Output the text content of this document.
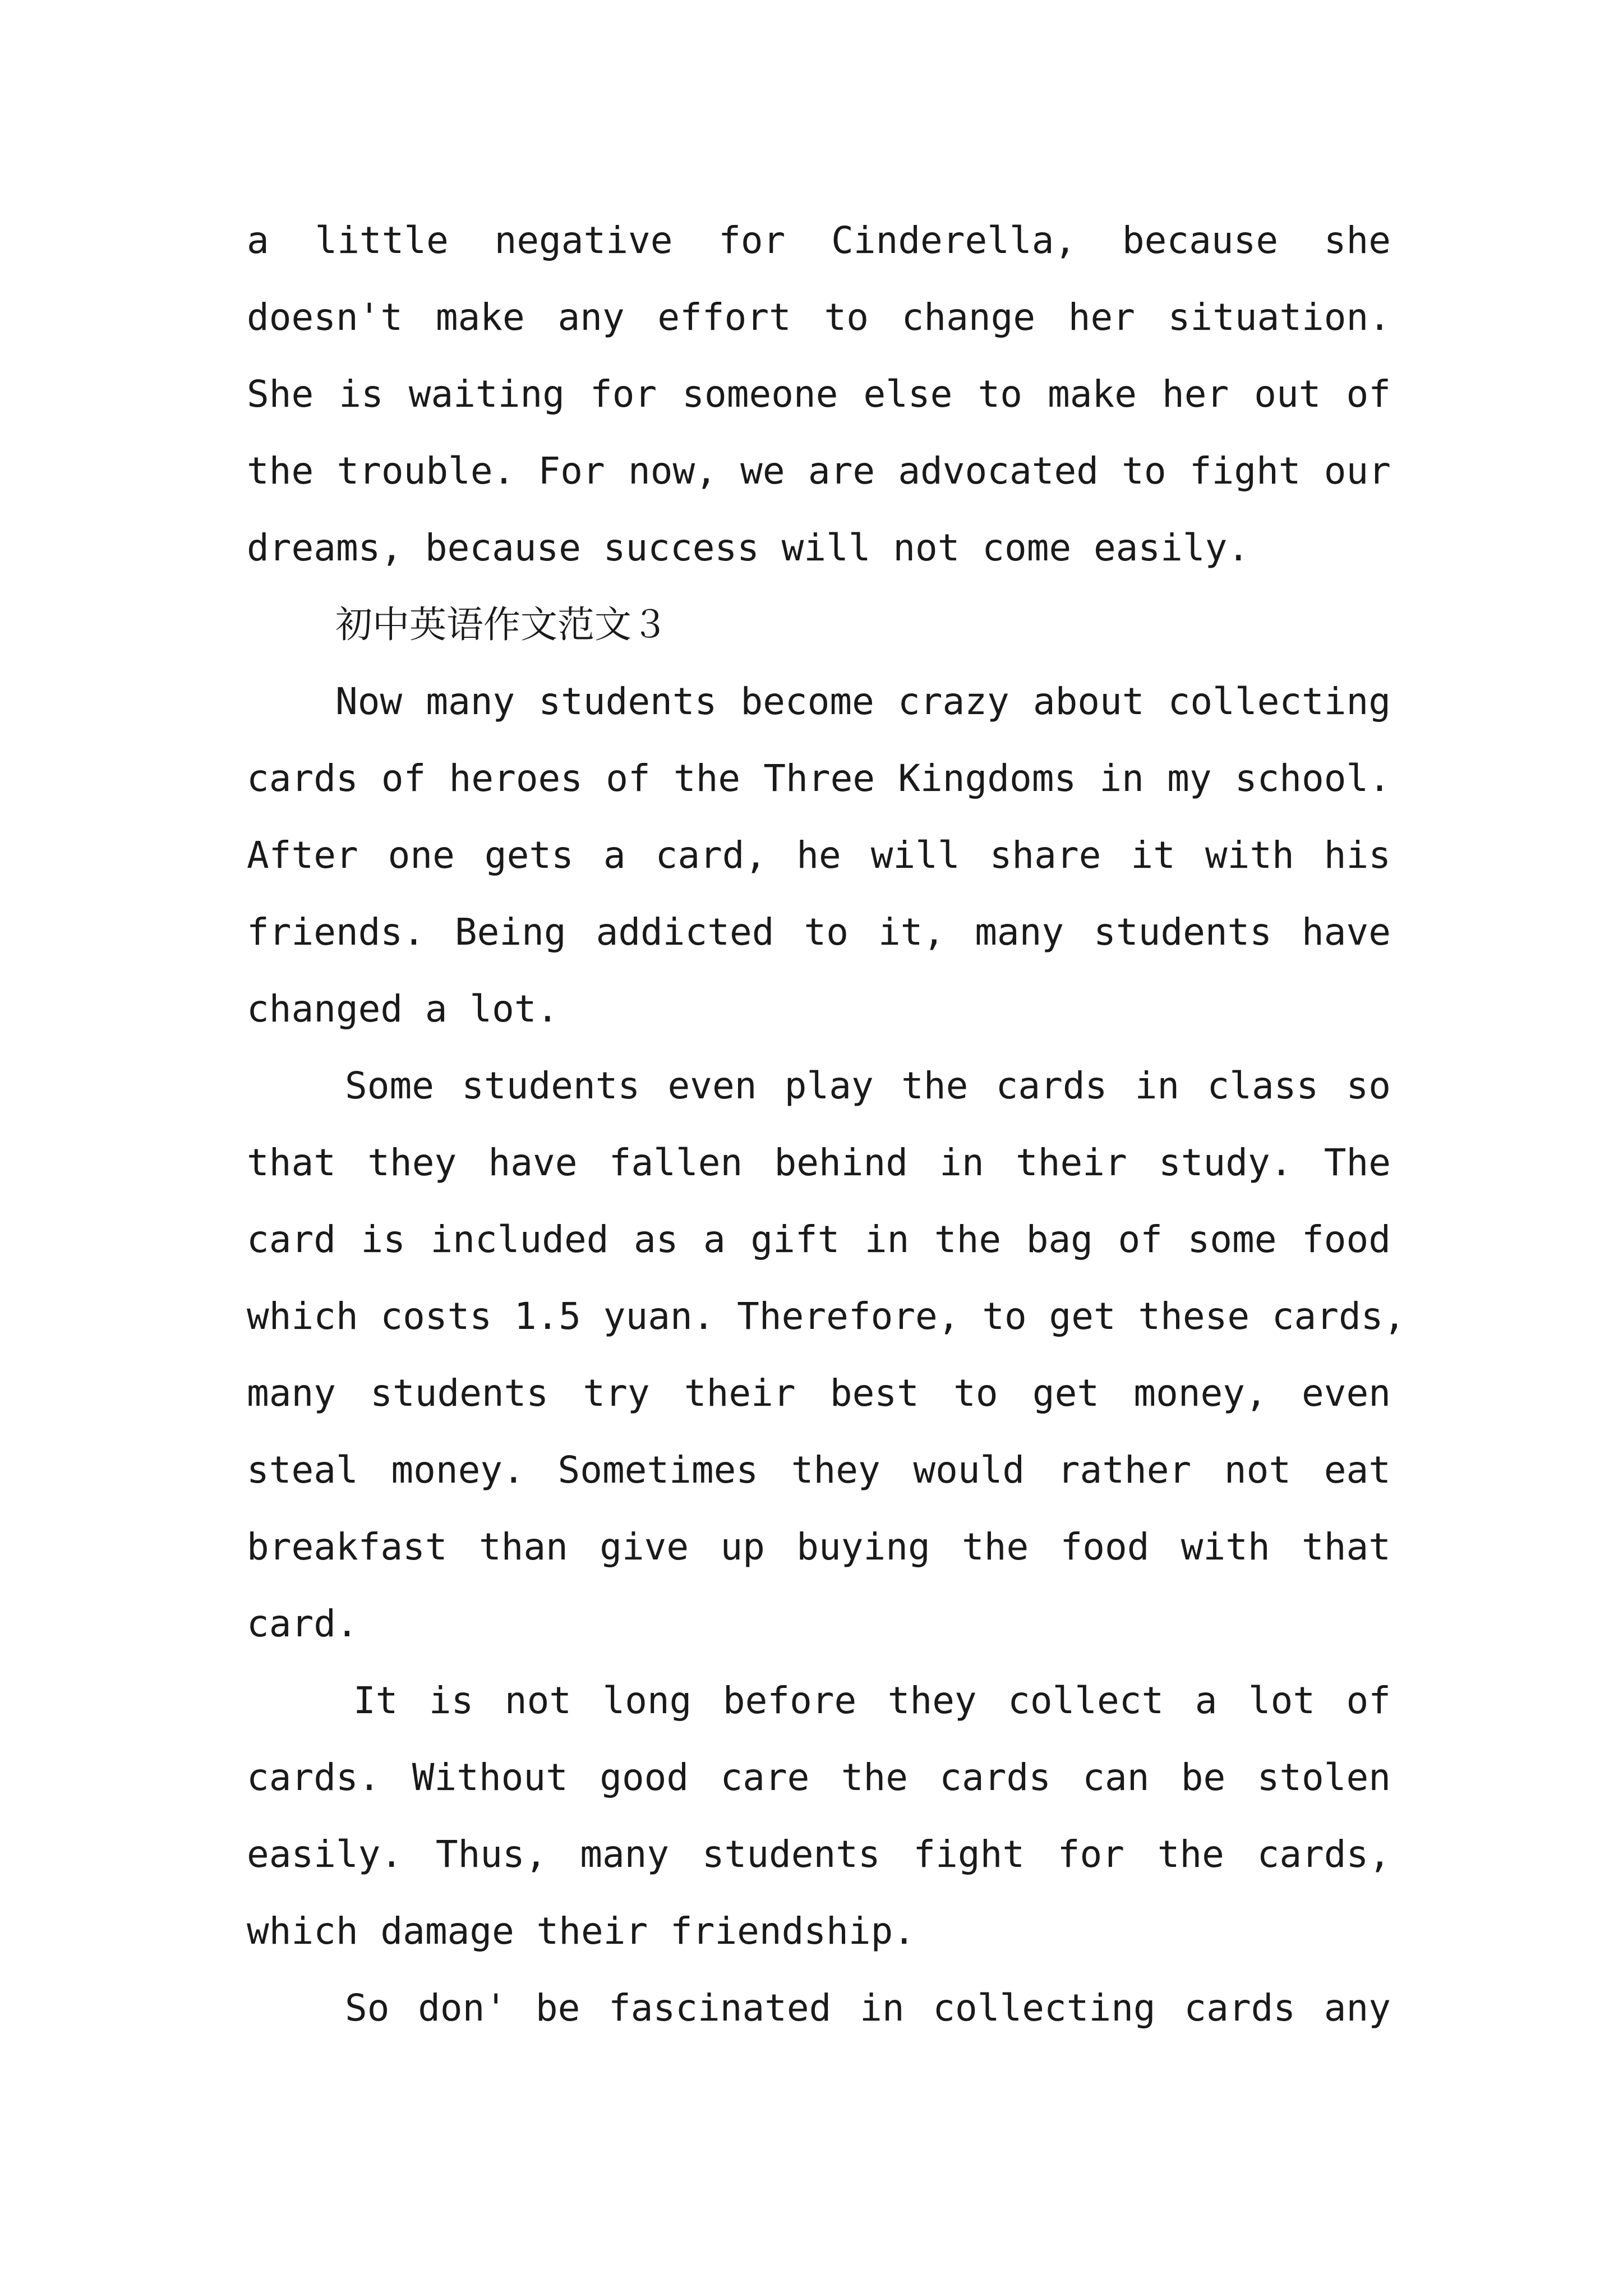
a little negative for Cinderella, because she
doesn't make any effort to change her situation.
She is waiting for someone else to make her out of
the trouble. For now, we are advocated to fight our
dreams, because success will not come easily.
初中英语作文范文３
Now many students become crazy about collecting
cards of heroes of the Three Kingdoms in my school.
After one gets a card, he will share it with his
friends. Being addicted to it, many students have
changed a lot.
Some students even play the cards in class so
that they have fallen behind in their study. The
card is included as a gift in the bag of some food
which costs 1.5 yuan. Therefore, to get these cards,
many students try their best to get money, even
steal money. Sometimes they would rather not eat
breakfast than give up buying the food with that
card.
It is not long before they collect a lot of
cards. Without good care the cards can be stolen
easily. Thus, many students fight for the cards,
which damage their friendship.
So don' be fascinated in collecting cards any
